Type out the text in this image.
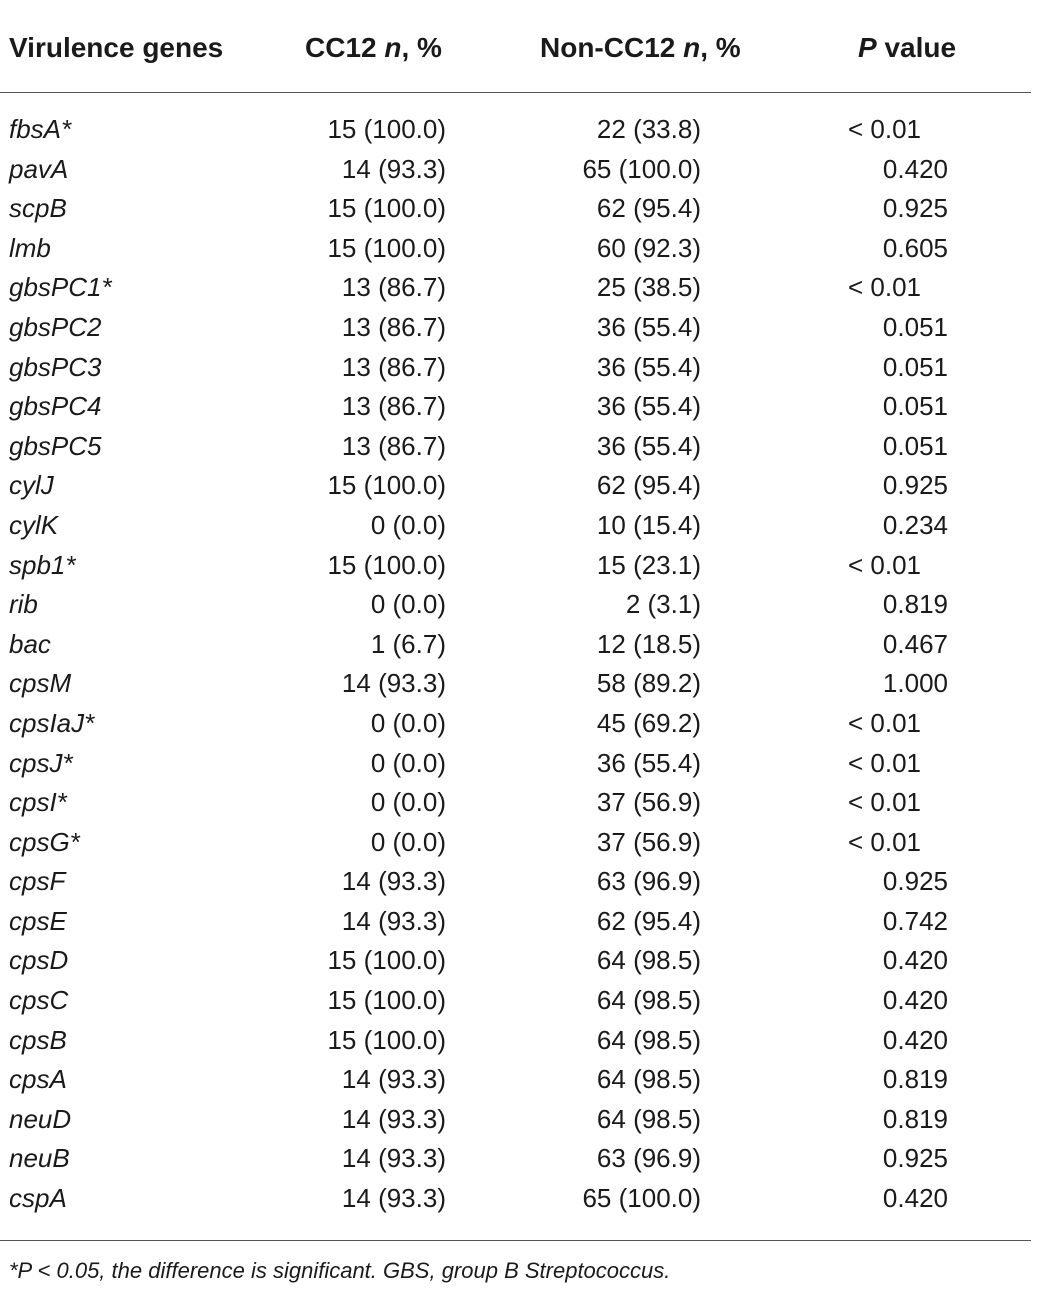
Virulence genes	CC12 n, %	Non-CC12 n, %	P value
fbsA*	15 (100.0)	22 (33.8)	< 0.01
pavA	14 (93.3)	65 (100.0)	0.420
scpB	15 (100.0)	62 (95.4)	0.925
lmb	15 (100.0)	60 (92.3)	0.605
gbsPC1*	13 (86.7)	25 (38.5)	< 0.01
gbsPC2	13 (86.7)	36 (55.4)	0.051
gbsPC3	13 (86.7)	36 (55.4)	0.051
gbsPC4	13 (86.7)	36 (55.4)	0.051
gbsPC5	13 (86.7)	36 (55.4)	0.051
cylJ	15 (100.0)	62 (95.4)	0.925
cylK	0 (0.0)	10 (15.4)	0.234
spb1*	15 (100.0)	15 (23.1)	< 0.01
rib	0 (0.0)	2 (3.1)	0.819
bac	1 (6.7)	12 (18.5)	0.467
cpsM	14 (93.3)	58 (89.2)	1.000
cpsIaJ*	0 (0.0)	45 (69.2)	< 0.01
cpsJ*	0 (0.0)	36 (55.4)	< 0.01
cpsI*	0 (0.0)	37 (56.9)	< 0.01
cpsG*	0 (0.0)	37 (56.9)	< 0.01
cpsF	14 (93.3)	63 (96.9)	0.925
cpsE	14 (93.3)	62 (95.4)	0.742
cpsD	15 (100.0)	64 (98.5)	0.420
cpsC	15 (100.0)	64 (98.5)	0.420
cpsB	15 (100.0)	64 (98.5)	0.420
cpsA	14 (93.3)	64 (98.5)	0.819
neuD	14 (93.3)	64 (98.5)	0.819
neuB	14 (93.3)	63 (96.9)	0.925
cspA	14 (93.3)	65 (100.0)	0.420
*P < 0.05, the difference is significant. GBS, group B Streptococcus.
